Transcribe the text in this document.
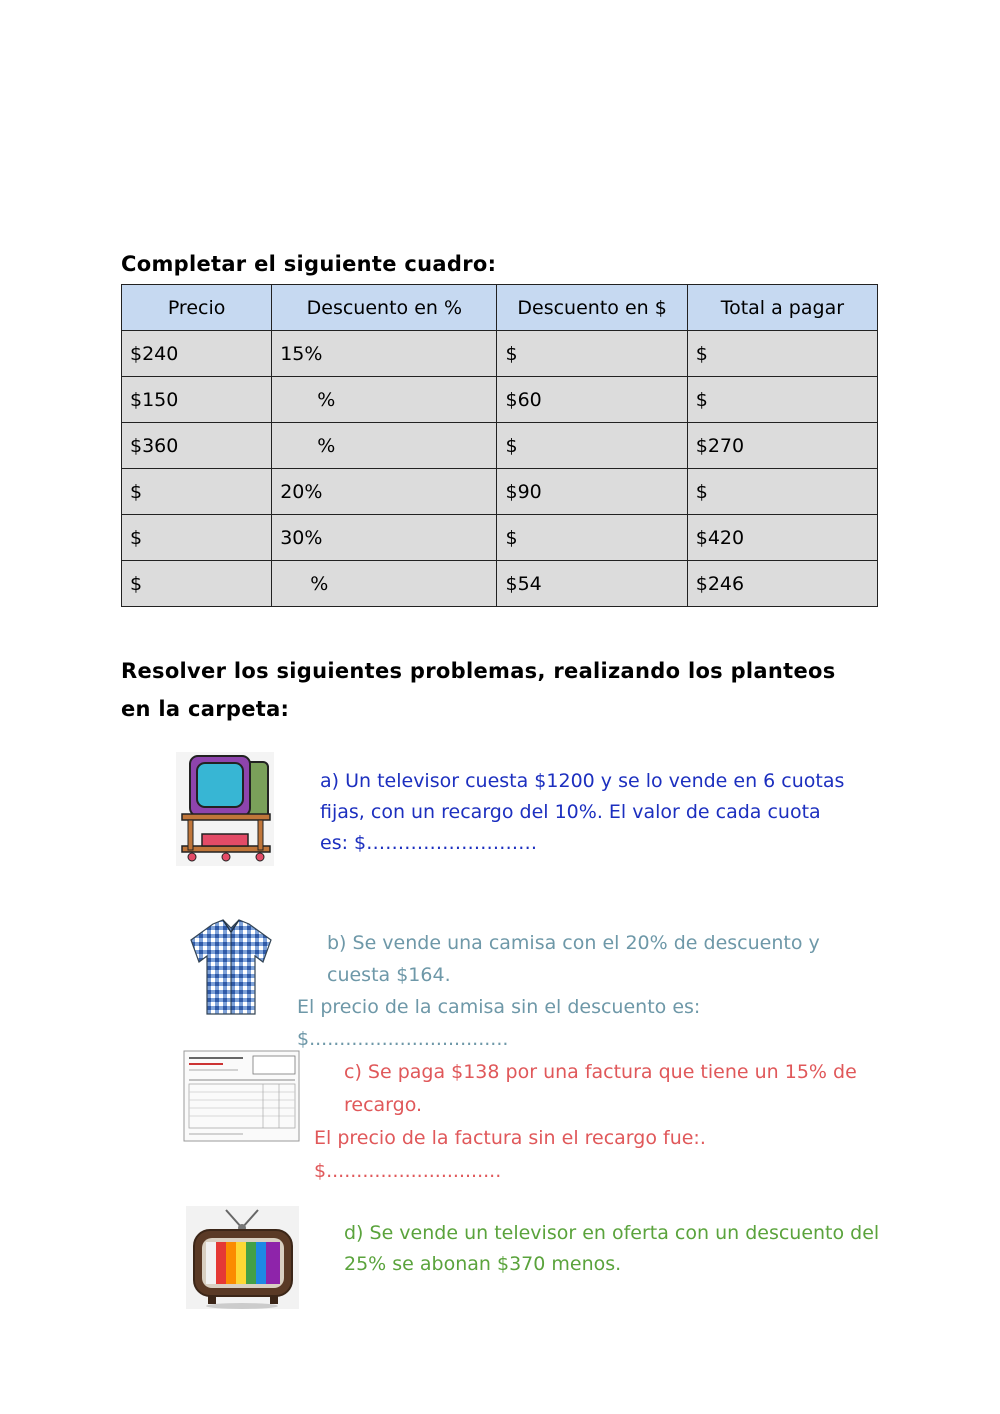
Completar el siguiente cuadro:
Precio	Descuento en %	Descuento en $	Total a pagar
$240	15%	$	$
$150	%	$60	$
$360	%	$	$270
$	20%	$90	$
$	30%	$	$420
$	%	$54	$246
Resolver los siguientes problemas, realizando los planteos en la carpeta:
a) Un televisor cuesta $1200 y se lo vende en 6 cuotas fijas, con un recargo del 10%. El valor de cada cuota es: $………………………
b) Se vende una camisa con el 20% de descuento y cuesta $164.
El precio de la camisa sin el descuento es: $.................................
c) Se paga $138 por una factura que tiene un 15% de recargo.
El precio de la factura sin el recargo fue:. $.............................
d) Se vende un televisor en oferta con un descuento del 25% se abonan $370 menos.
